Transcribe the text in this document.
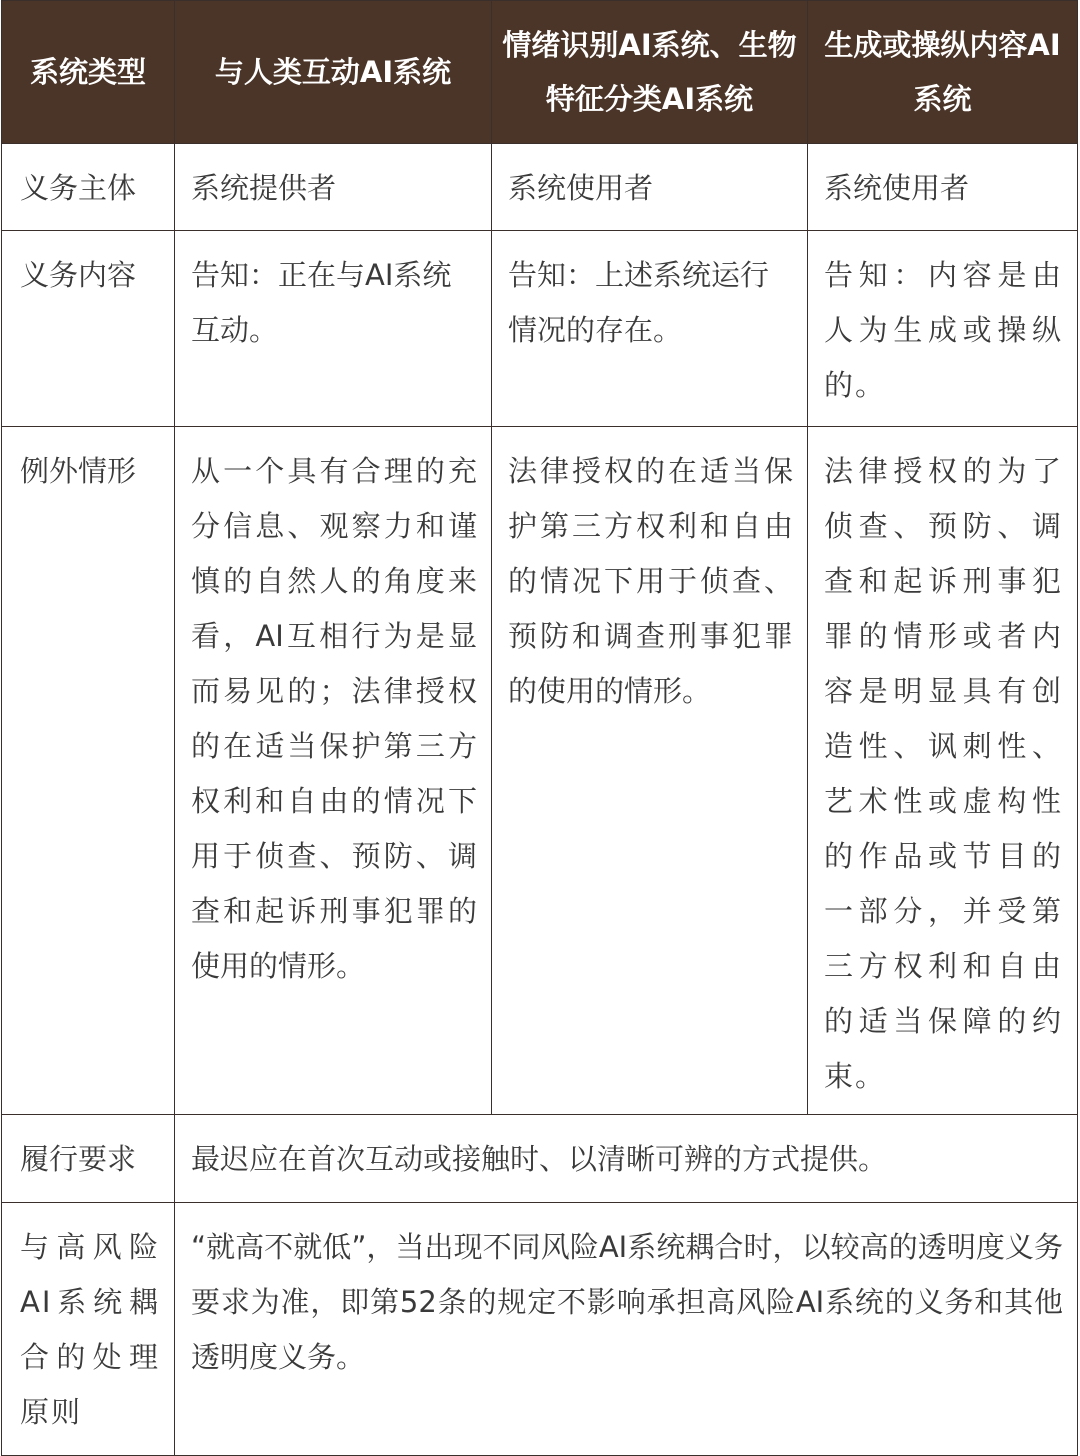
系统类型	与人类互动AI系统	情绪识别AI系统、生物特征分类AI系统	生成或操纵内容AI系统
义务主体	系统提供者	系统使用者	系统使用者
义务内容	告知：正在与AI系统互动。	告知：上述系统运行情况的存在。	告知：内容是由人为生成或操纵的。
例外情形	从一个具有合理的充分信息、观察力和谨慎的自然人的角度来看，AI互相行为是显而易见的；法律授权的在适当保护第三方权利和自由的情况下用于侦查、预防、调查和起诉刑事犯罪的使用的情形。	法律授权的在适当保护第三方权利和自由的情况下用于侦查、预防和调查刑事犯罪的使用的情形。	法律授权的为了侦查、预防、调查和起诉刑事犯罪的情形或者内容是明显具有创造性、讽刺性、艺术性或虚构性的作品或节目的一部分，并受第三方权利和自由的适当保障的约束。
履行要求	最迟应在首次互动或接触时、以清晰可辨的方式提供。		
与高风险AI系统耦合的处理原则	“就高不就低”，当出现不同风险AI系统耦合时，以较高的透明度义务要求为准，即第52条的规定不影响承担高风险AI系统的义务和其他透明度义务。		
